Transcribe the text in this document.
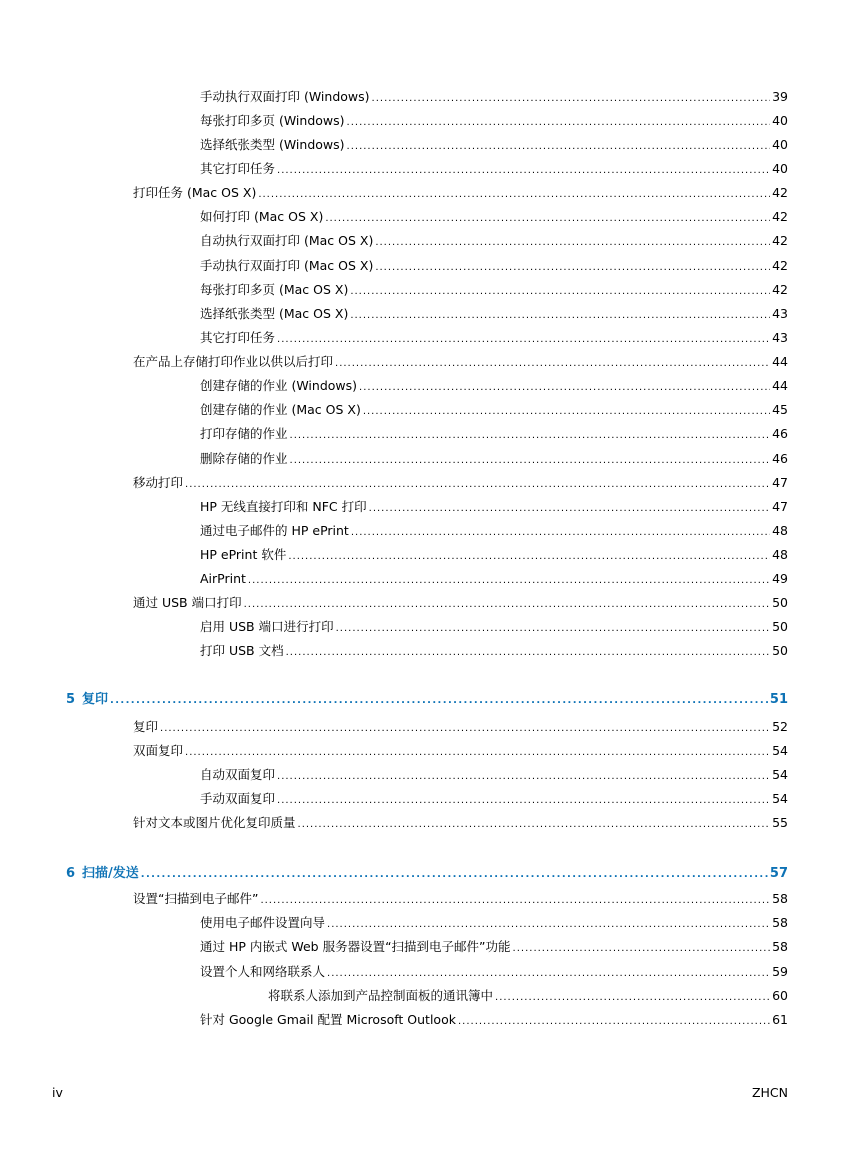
手动执行双面打印 (Windows) .....	39
每张打印多页 (Windows) .....	40
选择纸张类型 (Windows) .....	40
其它打印任务 .....	40
打印任务 (Mac OS X) .....	42
如何打印 (Mac OS X) .....	42
自动执行双面打印 (Mac OS X) .....	42
手动执行双面打印 (Mac OS X) .....	42
每张打印多页 (Mac OS X) .....	42
选择纸张类型 (Mac OS X) .....	43
其它打印任务 .....	43
在产品上存储打印作业以供以后打印 .....	44
创建存储的作业 (Windows) .....	44
创建存储的作业 (Mac OS X) .....	45
打印存储的作业 .....	46
删除存储的作业 .....	46
移动打印 .....	47
HP 无线直接打印和 NFC 打印 .....	47
通过电子邮件的 HP ePrint .....	48
HP ePrint 软件 .....	48
AirPrint .....	49
通过 USB 端口打印 .....	50
启用 USB 端口进行打印 .....	50
打印 USB 文档 .....	50
5 复印 .....	51
复印 .....	52
双面复印 .....	54
自动双面复印 .....	54
手动双面复印 .....	54
针对文本或图片优化复印质量 .....	55
6 扫描/发送 .....	57
设置“扫描到电子邮件” .....	58
使用电子邮件设置向导 .....	58
通过 HP 内嵌式 Web 服务器设置“扫描到电子邮件”功能 .....	58
设置个人和网络联系人 .....	59
将联系人添加到产品控制面板的通讯簿中 .....	60
针对 Google Gmail 配置 Microsoft Outlook .....	61
iv	ZHCN
